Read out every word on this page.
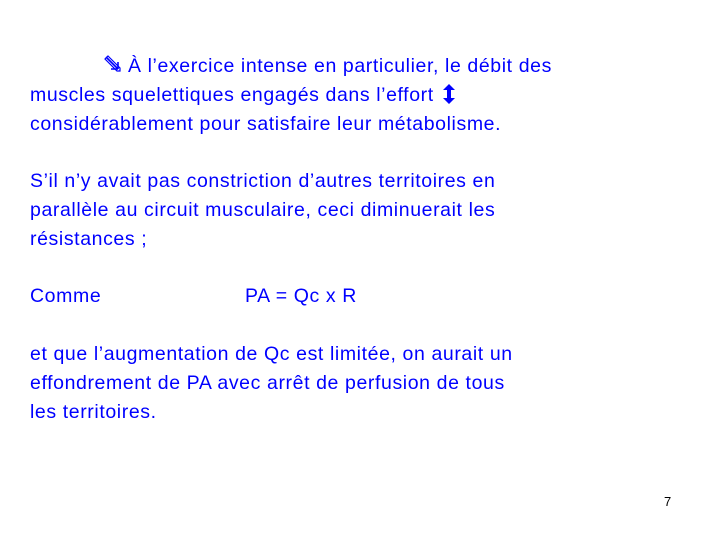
À l’exercice intense en particulier, le débit des
muscles squelettiques engagés dans l’effort
considérablement pour satisfaire leur métabolisme.
S’il n’y avait pas constriction d’autres territoires en
parallèle au circuit musculaire, ceci diminuerait les
résistances ;
Comme	PA = Qc x R
et que l’augmentation de Qc est limitée, on aurait un
effondrement de PA avec arrêt de perfusion de tous
les territoires.
7
